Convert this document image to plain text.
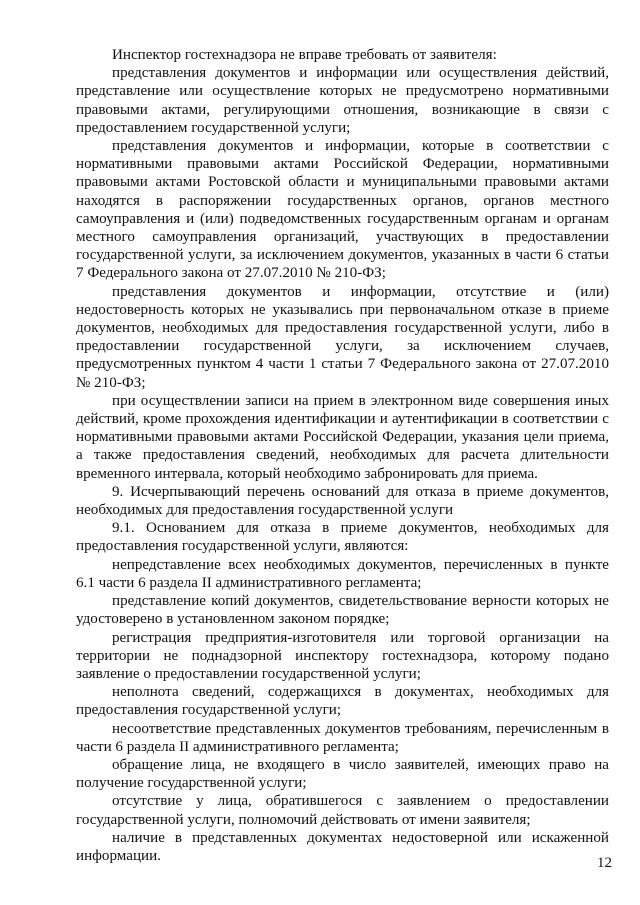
Инспектор гостехнадзора не вправе требовать от заявителя:

представления документов и информации или осуществления действий, представление или осуществление которых не предусмотрено нормативными правовыми актами, регулирующими отношения, возникающие в связи с предоставлением государственной услуги;

представления документов и информации, которые в соответствии с нормативными правовыми актами Российской Федерации, нормативными правовыми актами Ростовской области и муниципальными правовыми актами находятся в распоряжении государственных органов, органов местного самоуправления и (или) подведомственных государственным органам и органам местного самоуправления организаций, участвующих в предоставлении государственной услуги, за исключением документов, указанных в части 6 статьи 7 Федерального закона от 27.07.2010 № 210-ФЗ;

представления документов и информации, отсутствие и (или) недостоверность которых не указывались при первоначальном отказе в приеме документов, необходимых для предоставления государственной услуги, либо в предоставлении государственной услуги, за исключением случаев, предусмотренных пунктом 4 части 1 статьи 7 Федерального закона от 27.07.2010 № 210-ФЗ;

при осуществлении записи на прием в электронном виде совершения иных действий, кроме прохождения идентификации и аутентификации в соответствии с нормативными правовыми актами Российской Федерации, указания цели приема, а также предоставления сведений, необходимых для расчета длительности временного интервала, который необходимо забронировать для приема.

9. Исчерпывающий перечень оснований для отказа в приеме документов, необходимых для предоставления государственной услуги

9.1. Основанием для отказа в приеме документов, необходимых для предоставления государственной услуги, являются:

непредставление всех необходимых документов, перечисленных в пункте 6.1 части 6 раздела II административного регламента;

представление копий документов, свидетельствование верности которых не удостоверено в установленном законом порядке;

регистрация предприятия-изготовителя или торговой организации на территории не поднадзорной инспектору гостехнадзора, которому подано заявление о предоставлении государственной услуги;

неполнота сведений, содержащихся в документах, необходимых для предоставления государственной услуги;

несоответствие представленных документов требованиям, перечисленным в части 6 раздела II административного регламента;

обращение лица, не входящего в число заявителей, имеющих право на получение государственной услуги;

отсутствие у лица, обратившегося с заявлением о предоставлении государственной услуги, полномочий действовать от имени заявителя;

наличие в представленных документах недостоверной или искаженной информации.	12
